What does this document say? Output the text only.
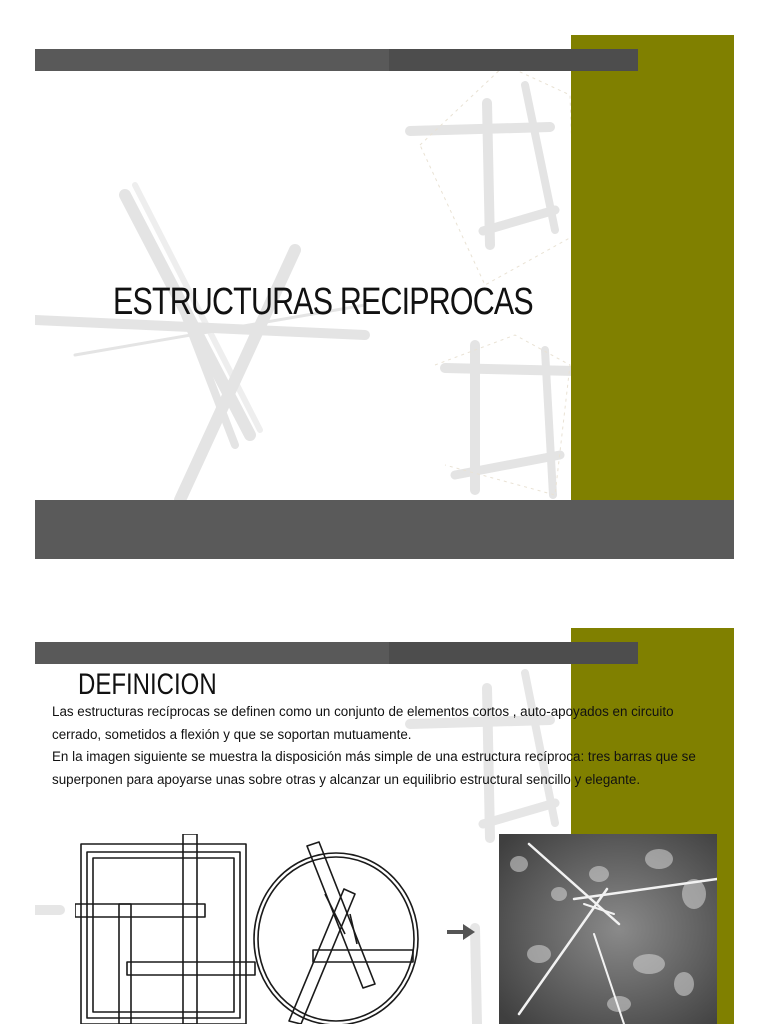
ESTRUCTURAS RECIPROCAS
DEFINICION

Las estructuras recíprocas se definen como un conjunto de elementos cortos , auto-apoyados en circuito cerrado, sometidos a flexión y que se soportan mutuamente.

En la imagen siguiente se muestra la disposición más simple de una estructura recíproca: tres barras que se superponen para apoyarse unas sobre otras y alcanzar un equilibrio estructural sencillo y elegante.
